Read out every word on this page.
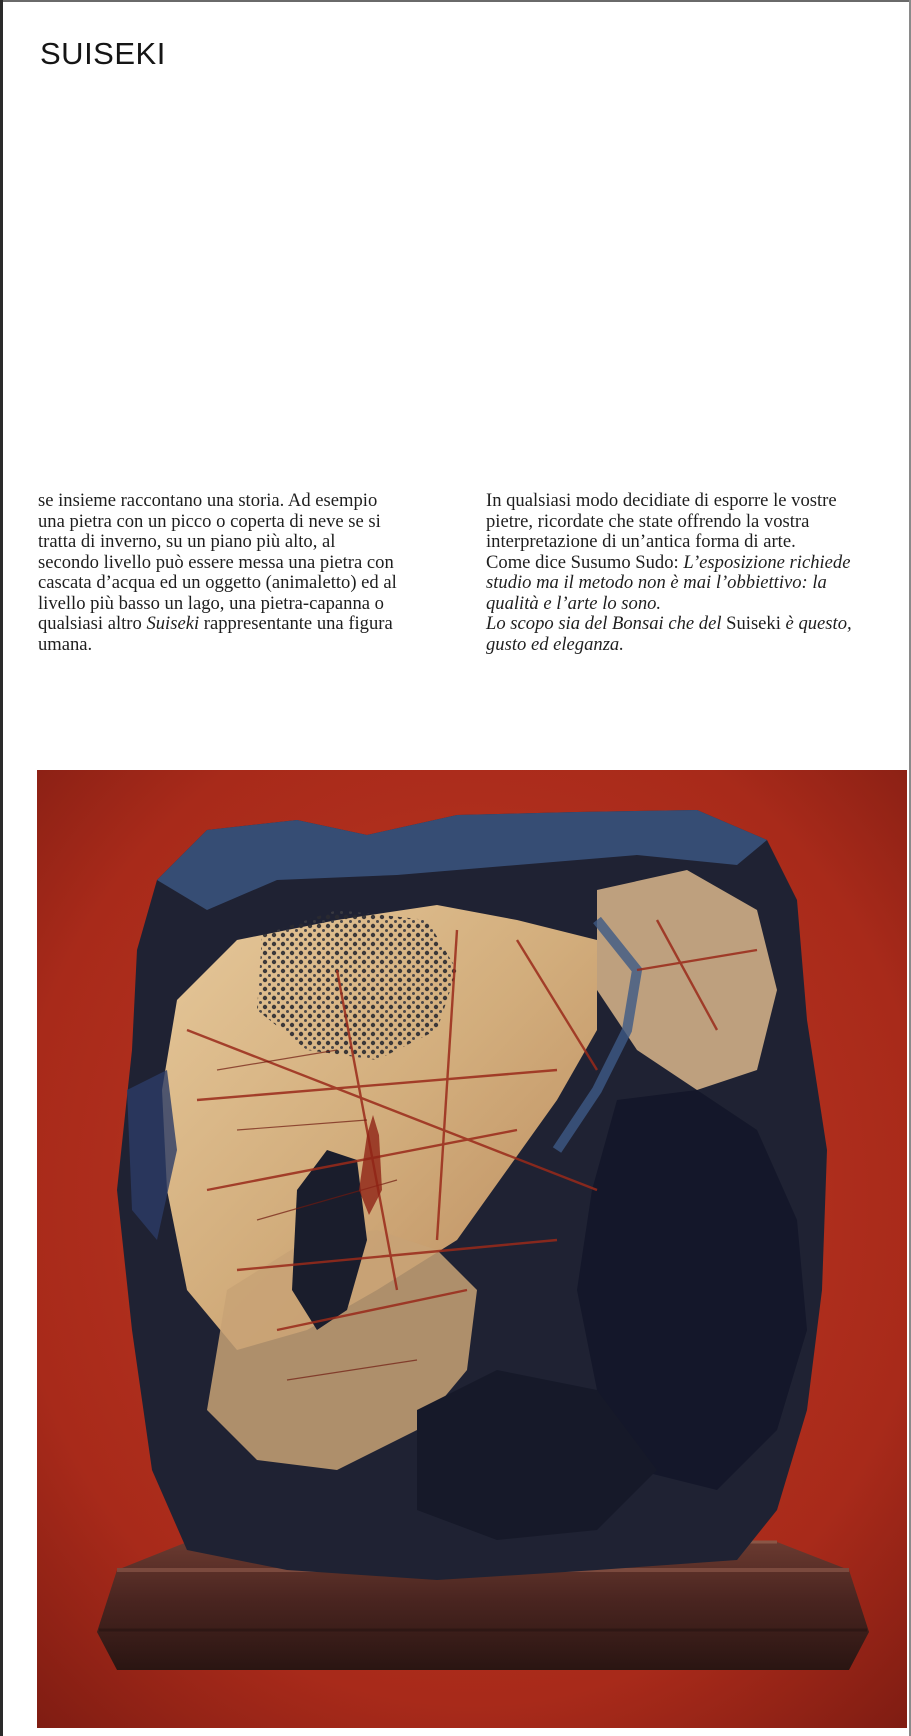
SUISEKI

se insieme raccontano una storia. Ad esempio
una pietra con un picco o coperta di neve se si
tratta di inverno, su un piano più alto, al
secondo livello può essere messa una pietra con
cascata d’acqua ed un oggetto (animaletto) ed al
livello più basso un lago, una pietra-capanna o
qualsiasi altro Suiseki rappresentante una figura
umana.

In qualsiasi modo decidiate di esporre le vostre
pietre, ricordate che state offrendo la vostra
interpretazione di un’antica forma di arte.
Come dice Susumo Sudo: L’esposizione richiede
studio ma il metodo non è mai l’obbiettivo: la
qualità e l’arte lo sono.
Lo scopo sia del Bonsai che del Suiseki è questo,
gusto ed eleganza.
